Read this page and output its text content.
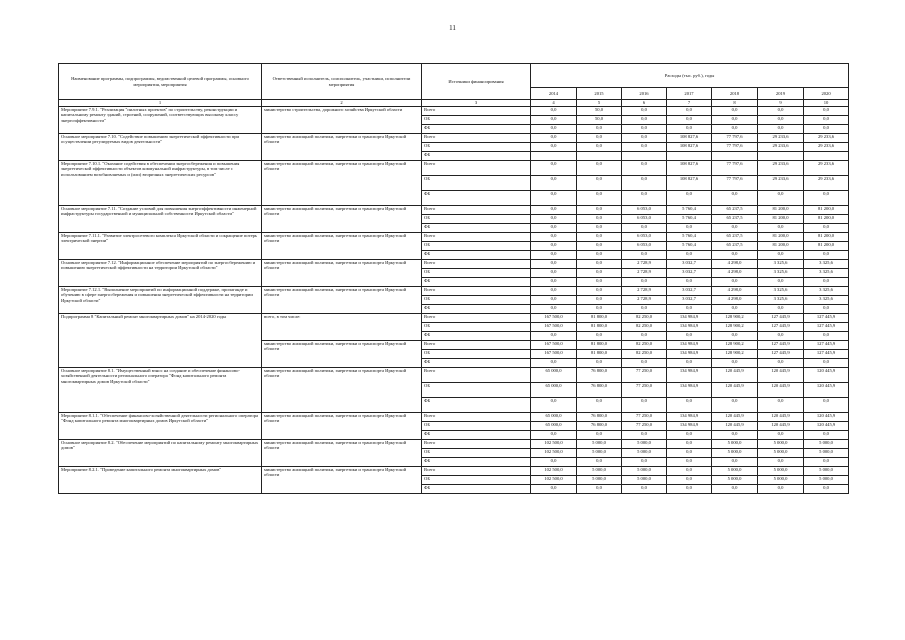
11
Наименование программы, подпрограммы, ведомственной целевой программы, основного мероприятия, мероприятия	Ответственный исполнитель, соисполнитель, участники, исполнители мероприятия	Источники финансирования	Расходы (тыс. руб.), годы						
			2014	2015	2016	2017	2018	2019	2020
1	2	3	4	5	6	7	8	9	10
Мероприятие 7.9.1. "Реализация "пилотных проектов" по строительству, реконструкции и капитальному ремонту зданий, строений, сооружений, соответствующих высокому классу энергоэффективности"	министерство строительства, дорожного хозяйства Иркутской области	Всего	0,0	50,0	0,0	0,0	0,0	0,0	0,0
		ОБ	0,0	50,0	0,0	0,0	0,0	0,0	0,0
		ФБ	0,0	0,0	0,0	0,0	0,0	0,0	0,0
Основное мероприятие 7.10. "Содействие повышению энергетической эффективности при осуществлении регулируемых видов деятельности"	министерство жилищной политики, энергетики и транспорта Иркутской области	Всего	0,0	0,0	0,0	108 827,6	77 797,6	29 233,6	29 233,6
		ОБ	0,0	0,0	0,0	108 827,6	77 797,6	29 233,6	29 233,6
		ФБ							
Мероприятие 7.10.1. "Оказание содействия в обеспечении энергосбережения и повышения энергетической эффективности объектов коммунальной инфраструктуры, в том числе с использованием возобновляемых и (или) вторичных энергетических ресурсов"	министерство жилищной политики, энергетики и транспорта Иркутской области	Всего	0,0	0,0	0,0	108 827,6	77 797,6	29 233,6	29 233,6
		ОБ	0,0	0,0	0,0	108 827,6	77 797,6	29 233,6	29 233,6
		ФБ	0,0	0,0	0,0	0,0	0,0	0,0	0,0
Основное мероприятие 7.11. "Создание условий для повышения энергоэффективности инженерной инфраструктуры государственной и муниципальной собственности Иркутской области"	министерство жилищной политики, энергетики и транспорта Иркутской области	Всего	0,0	0,0	6 053,0	5 760,4	65 237,5	81 200,0	81 200,0
		ОБ	0,0	0,0	6 053,0	5 760,4	65 237,5	81 200,0	81 200,0
		ФБ	0,0	0,0	0,0	0,0	0,0	0,0	0,0
Мероприятие 7.11.1. "Развитие электросетевого комплекса Иркутской области и сокращение потерь электрической энергии"	министерство жилищной политики, энергетики и транспорта Иркутской области	Всего	0,0	0,0	6 053,0	5 760,4	65 237,5	81 200,0	81 200,0
		ОБ	0,0	0,0	6 053,0	5 760,4	65 237,5	81 200,0	81 200,0
		ФБ	0,0	0,0	0,0	0,0	0,0	0,0	0,0
Основное мероприятие 7.12. "Информационное обеспечение мероприятий по энергосбережению и повышению энергетической эффективности на территории Иркутской области"	министерство жилищной политики, энергетики и транспорта Иркутской области	Всего	0,0	0,0	2 728,9	3 032,7	4 298,0	3 325,6	3 325,6
		ОБ	0,0	0,0	2 728,9	3 032,7	4 298,0	3 325,6	3 325,6
		ФБ	0,0	0,0	0,0	0,0	0,0	0,0	0,0
Мероприятие 7.12.1. "Выполнение мероприятий по информационной поддержке, пропаганде и обучению в сфере энергосбережения и повышения энергетической эффективности на территории Иркутской области"	министерство жилищной политики, энергетики и транспорта Иркутской области	Всего	0,0	0,0	2 728,9	3 032,7	4 298,0	3 325,6	3 325,6
		ОБ	0,0	0,0	2 728,9	3 032,7	4 298,0	3 325,6	3 325,6
		ФБ	0,0	0,0	0,0	0,0	0,0	0,0	0,0
Подпрограмма 8 "Капитальный ремонт многоквартирных домов" на 2014-2020 годы	всего, в том числе:	Всего	167 500,0	81 800,0	82 250,0	134 984,9	128 900,2	127 445,9	127 445,9
		ОБ	167 500,0	81 800,0	82 250,0	134 984,9	128 900,2	127 445,9	127 445,9
		ФБ	0,0	0,0	0,0	0,0	0,0	0,0	0,0
	министерство жилищной политики, энергетики и транспорта Иркутской области	Всего	167 500,0	81 800,0	82 250,0	134 984,9	128 900,2	127 445,9	127 445,9
		ОБ	167 500,0	81 800,0	82 250,0	134 984,9	128 900,2	127 445,9	127 445,9
		ФБ	0,0	0,0	0,0	0,0	0,0	0,0	0,0
Основное мероприятие 8.1. "Имущественный взнос на создание и обеспечение финансово-хозяйственной деятельности регионального оператора "Фонд капитального ремонта многоквартирных домов Иркутской области"	министерство жилищной политики, энергетики и транспорта Иркутской области	Всего	65 000,0	76 800,0	77 250,0	134 984,9	120 445,9	120 445,9	120 445,9
		ОБ	65 000,0	76 800,0	77 250,0	134 984,9	120 445,9	120 445,9	120 445,9
		ФБ	0,0	0,0	0,0	0,0	0,0	0,0	0,0
Мероприятие 8.1.1. "Обеспечение финансово-хозяйственной деятельности регионального оператора "Фонд капитального ремонта многоквартирных домов Иркутской области"	министерство жилищной политики, энергетики и транспорта Иркутской области	Всего	65 000,0	76 800,0	77 250,0	134 984,9	120 445,9	120 445,9	120 445,9
		ОБ	65 000,0	76 800,0	77 250,0	134 984,9	120 445,9	120 445,9	120 445,9
		ФБ	0,0	0,0	0,0	0,0	0,0	0,0	0,0
Основное мероприятие 8.2. "Обеспечение мероприятий по капитальному ремонту многоквартирных домов"	министерство жилищной политики, энергетики и транспорта Иркутской области	Всего	102 500,0	5 000,0	5 000,0	0,0	5 000,0	5 000,0	5 000,0
		ОБ	102 500,0	5 000,0	5 000,0	0,0	5 000,0	5 000,0	5 000,0
		ФБ	0,0	0,0	0,0	0,0	0,0	0,0	0,0
Мероприятие 8.2.1. "Проведение капитального ремонта многоквартирных домов"	министерство жилищной политики, энергетики и транспорта Иркутской области	Всего	102 500,0	5 000,0	5 000,0	0,0	5 000,0	5 000,0	5 000,0
		ОБ	102 500,0	5 000,0	5 000,0	0,0	5 000,0	5 000,0	5 000,0
		ФБ	0,0	0,0	0,0	0,0	0,0	0,0	0,0
